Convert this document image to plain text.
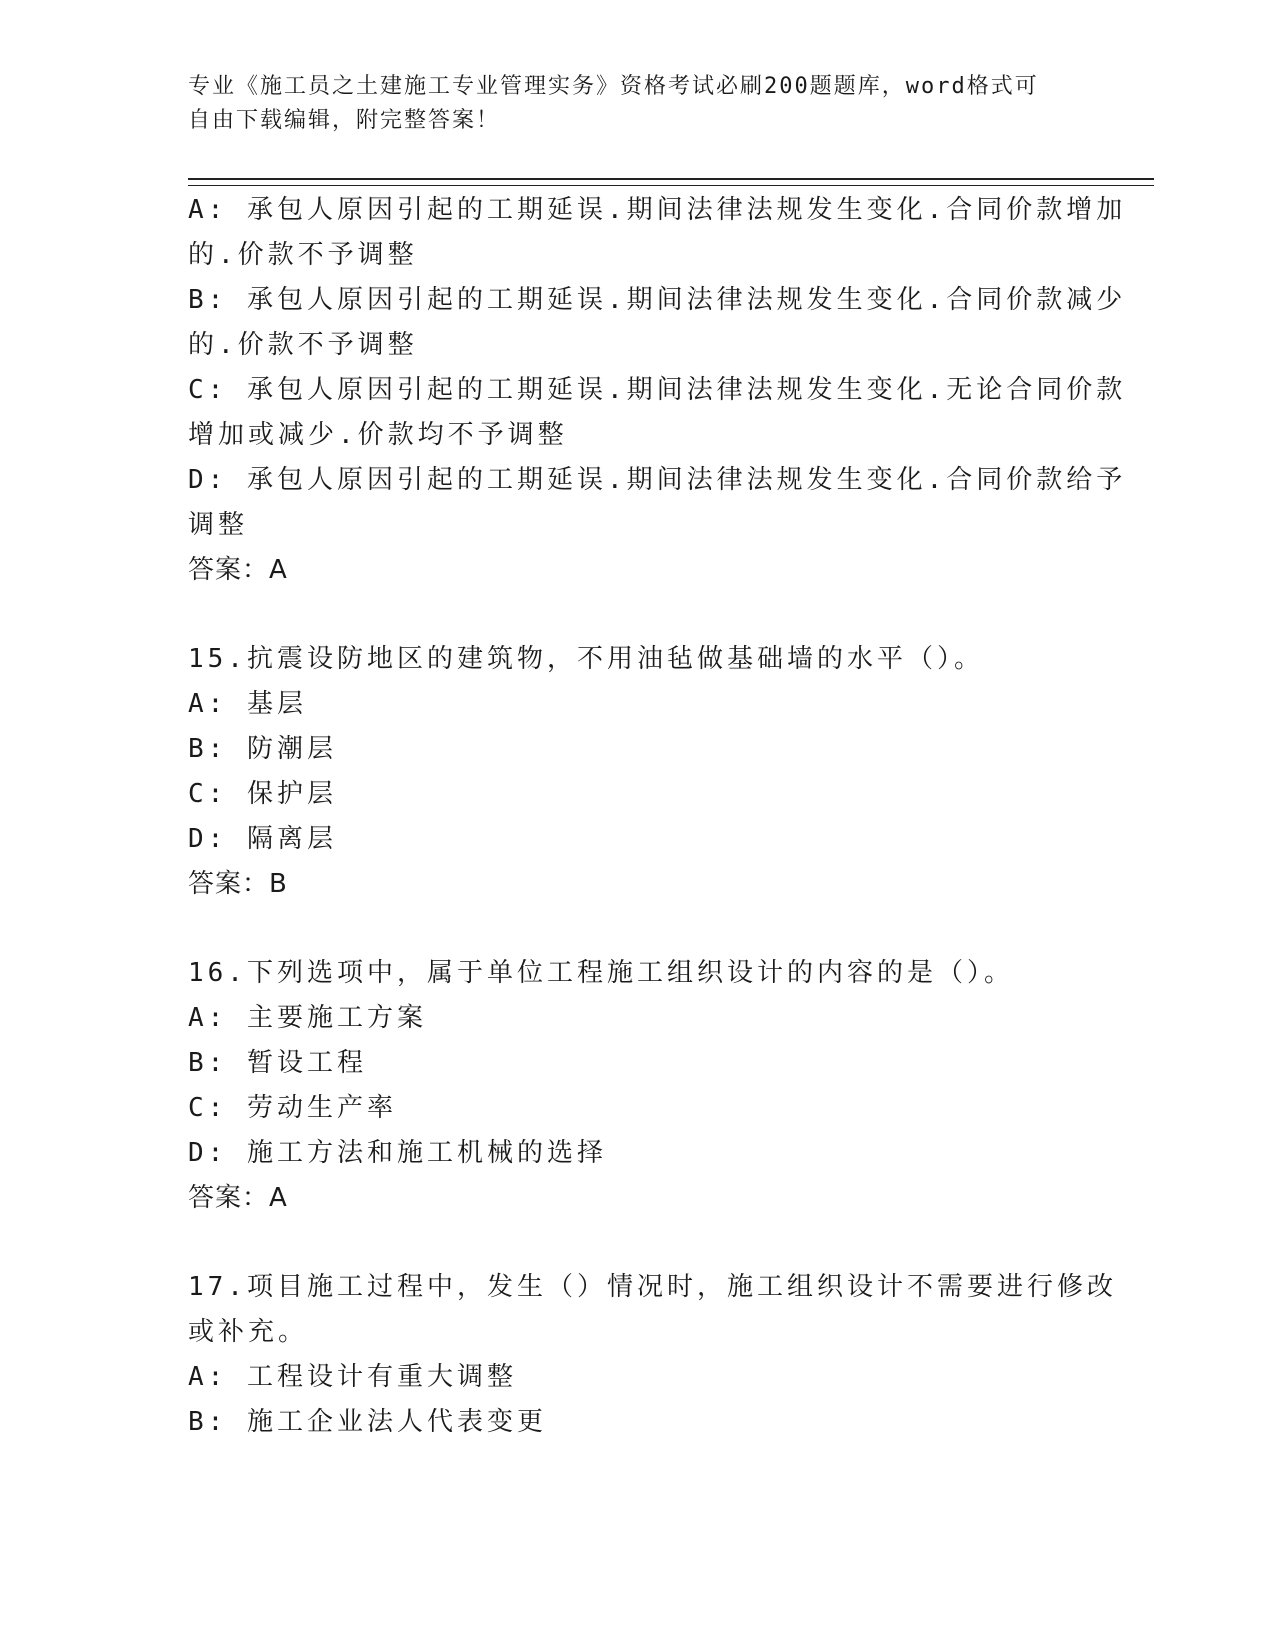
专业《施工员之土建施工专业管理实务》资格考试必刷200题题库，word格式可
自由下载编辑，附完整答案！
A: 承包人原因引起的工期延误.期间法律法规发生变化.合同价款增加
的.价款不予调整
B: 承包人原因引起的工期延误.期间法律法规发生变化.合同价款减少
的.价款不予调整
C: 承包人原因引起的工期延误.期间法律法规发生变化.无论合同价款
增加或减少.价款均不予调整
D: 承包人原因引起的工期延误.期间法律法规发生变化.合同价款给予
调整
答案：A
15.抗震设防地区的建筑物，不用油毡做基础墙的水平（）。
A: 基层
B: 防潮层
C: 保护层
D: 隔离层
答案：B
16.下列选项中，属于单位工程施工组织设计的内容的是（）。
A: 主要施工方案
B: 暂设工程
C: 劳动生产率
D: 施工方法和施工机械的选择
答案：A
17.项目施工过程中，发生（）情况时，施工组织设计不需要进行修改
或补充。
A: 工程设计有重大调整
B: 施工企业法人代表变更
